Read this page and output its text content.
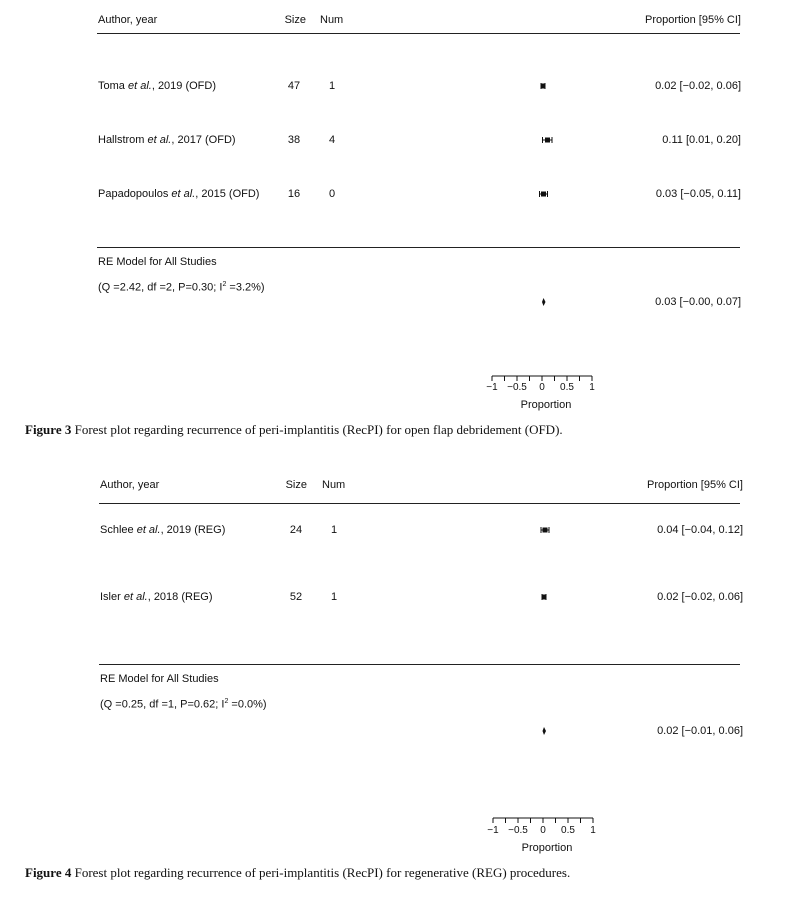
Author, year	Size Num	Proportion [95% CI]
Toma et al., 2019 (OFD)	47	1	0.02 [−0.02, 0.06]
Hallstrom et al., 2017 (OFD)	38	4	0.11 [0.01, 0.20]
Papadopoulos et al., 2015 (OFD)	16	0	0.03 [−0.05, 0.11]
RE Model for All Studies
(Q =2.42, df =2, P=0.30; $I^2 =3.2\%$)
0.03 [−0.00, 0.07]
−1 −0.5 0 0.5 1
Proportion
Figure 3 Forest plot regarding recurrence of peri-implantitis (RecPI) for open flap debridement (OFD).
Author, year	Size Num	Proportion [95% CI]
Schlee et al., 2019 (REG)	24	1	0.04 [−0.04, 0.12]
Isler et al., 2018 (REG)	52	1	0.02 [−0.02, 0.06]
RE Model for All Studies
(Q =0.25, df =1, P=0.62; $I^2 =0.0\%$)
0.02 [−0.01, 0.06]
−1 −0.5 0 0.5 1
Proportion
Figure 4 Forest plot regarding recurrence of peri-implantitis (RecPI) for regenerative (REG) procedures.
